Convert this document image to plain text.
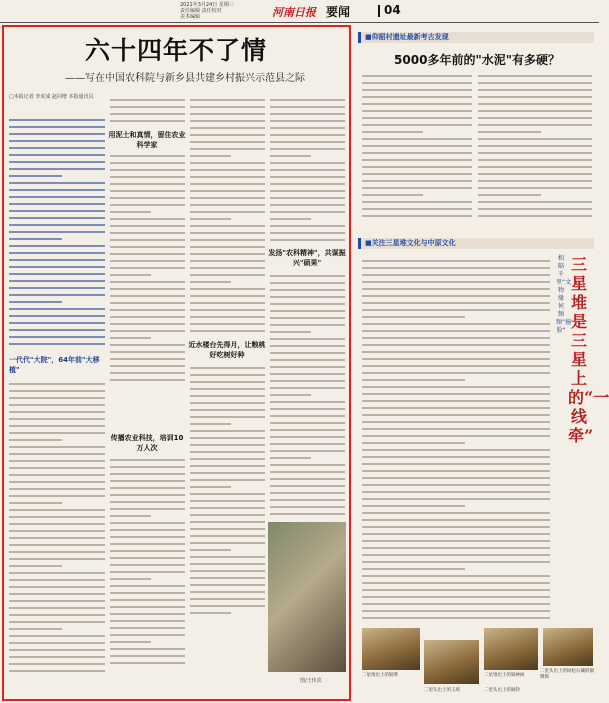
2021年3月24日 星期三
责任编辑 责任校对
美术编辑	河南日报 要闻	04
六十四年不了情
——写在中国农科院与新乡县共建乡村振兴示范县之际
□本报记者 李虎成 赵同增 本报通讯员
一代代"大院"，64年前"大移植"
用泥土和真情，留住农业科学家
传播农业科技，培训10万人次
近水楼台先得月，让粮桃好吃树好种
发扬"农科精神"，共谋振兴"硕果"
图/王伟宾
■仰韶村遗址最新考古发现
5000多年前的"水泥"有多硬？
■关注三星堆文化与中原文化
相隔千里“文物缘何频频”撞脸“
三星堆是三星上的“一线牵”
二星堆出土的铜尊
二里头出土的玉璋
二星堆出土的铜神树
二里头出土的绿松石镶嵌铜牌饰
二里头出土的铜铃
